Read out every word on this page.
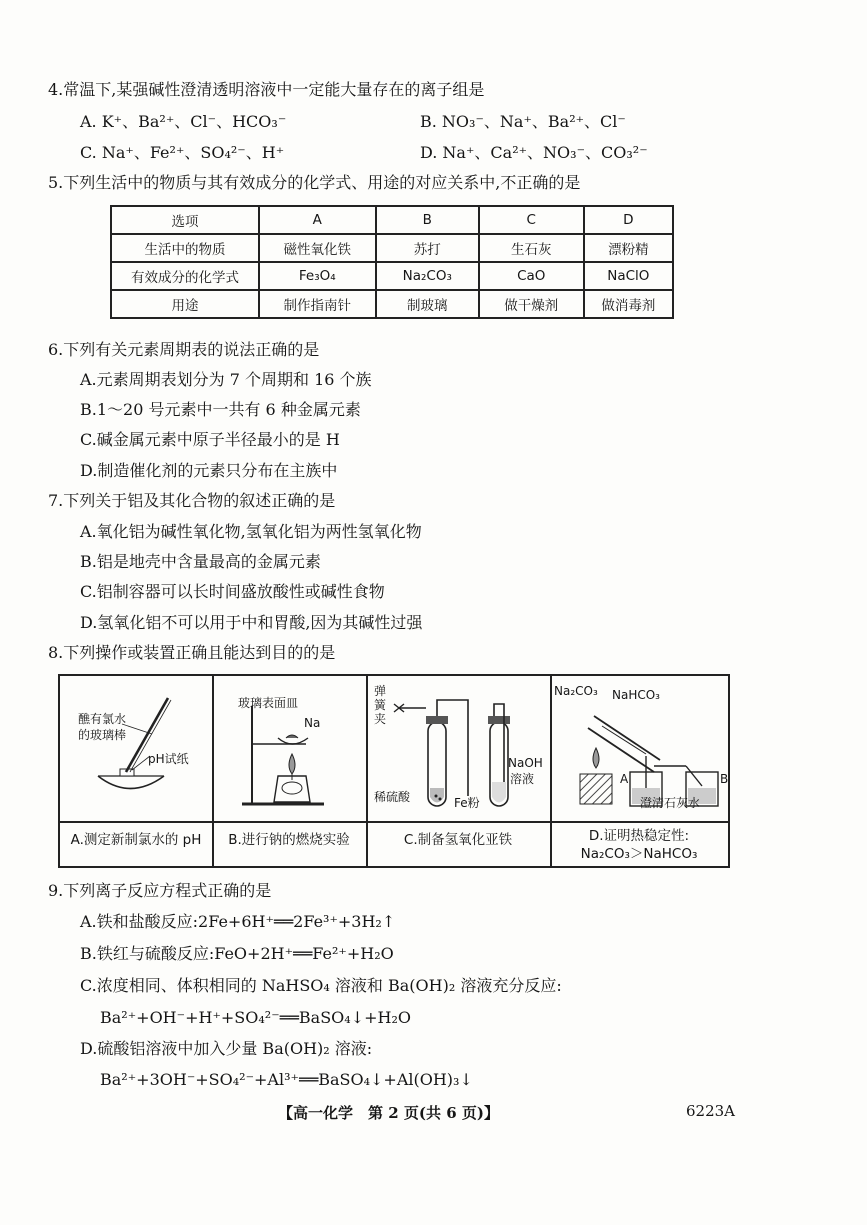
4.常温下,某强碱性澄清透明溶液中一定能大量存在的离子组是
A. K⁺、Ba²⁺、Cl⁻、HCO₃⁻	B. NO₃⁻、Na⁺、Ba²⁺、Cl⁻
C. Na⁺、Fe²⁺、SO₄²⁻、H⁺	D. Na⁺、Ca²⁺、NO₃⁻、CO₃²⁻
5.下列生活中的物质与其有效成分的化学式、用途的对应关系中,不正确的是
选项	A	B	C	D
生活中的物质	磁性氧化铁	苏打	生石灰	漂粉精
有效成分的化学式	Fe₃O₄	Na₂CO₃	CaO	NaClO
用途	制作指南针	制玻璃	做干燥剂	做消毒剂
6.下列有关元素周期表的说法正确的是
A.元素周期表划分为 7 个周期和 16 个族
B.1～20 号元素中一共有 6 种金属元素
C.碱金属元素中原子半径最小的是 H
D.制造催化剂的元素只分布在主族中
7.下列关于铝及其化合物的叙述正确的是
A.氧化铝为碱性氧化物,氢氧化铝为两性氢氧化物
B.铝是地壳中含量最高的金属元素
C.铝制容器可以长时间盛放酸性或碱性食物
D.氢氧化铝不可以用于中和胃酸,因为其碱性过强
8.下列操作或装置正确且能达到目的的是
醮有氯水
的玻璃棒
pH试纸
玻璃表面皿
Na
弹
簧
夹
NaOH
溶液
稀硫酸	Fe粉
Na₂CO₃ NaHCO₃
A	B
澄清石灰水
A.测定新制氯水的 pH	B.进行钠的燃烧实验	C.制备氢氧化亚铁	D.证明热稳定性:
Na₂CO₃＞NaHCO₃
9.下列离子反应方程式正确的是
A.铁和盐酸反应:2Fe+6H⁺══2Fe³⁺+3H₂↑
B.铁红与硫酸反应:FeO+2H⁺══Fe²⁺+H₂O
C.浓度相同、体积相同的 NaHSO₄ 溶液和 Ba(OH)₂ 溶液充分反应:
Ba²⁺+OH⁻+H⁺+SO₄²⁻══BaSO₄↓+H₂O
D.硫酸铝溶液中加入少量 Ba(OH)₂ 溶液:
Ba²⁺+3OH⁻+SO₄²⁻+Al³⁺══BaSO₄↓+Al(OH)₃↓
【高一化学　第 2 页(共 6 页)】	6223A
